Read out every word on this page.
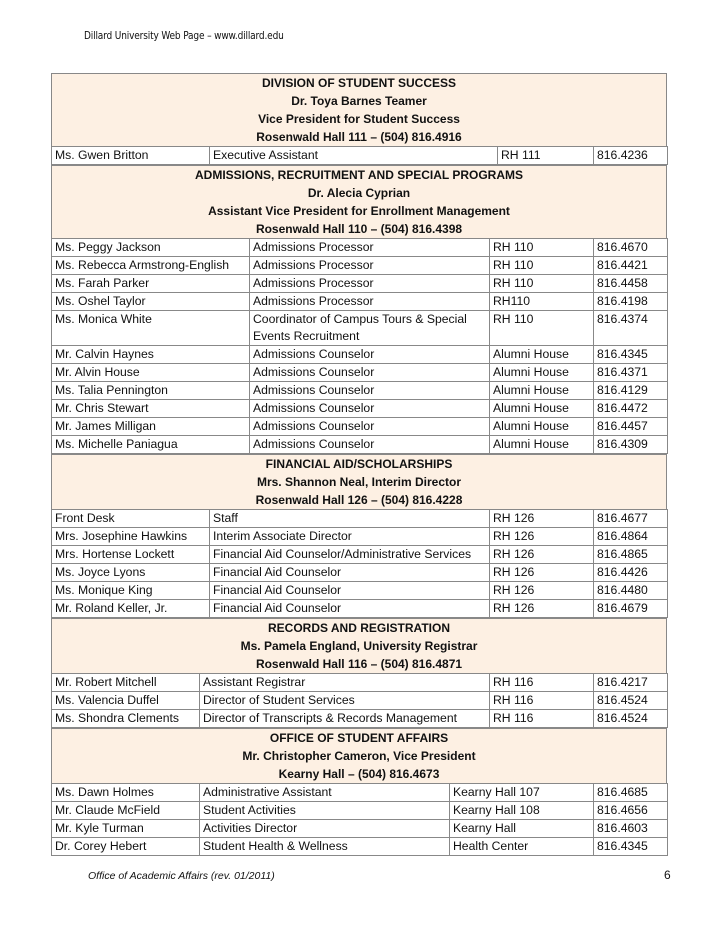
Dillard University Web Page – www.dillard.edu
DIVISION OF STUDENT SUCCESS
Dr. Toya Barnes Teamer
Vice President for Student Success
Rosenwald Hall 111 – (504) 816.4916
Ms. Gwen Britton	Executive Assistant	RH 111	816.4236
ADMISSIONS, RECRUITMENT AND SPECIAL PROGRAMS
Dr. Alecia Cyprian
Assistant Vice President for Enrollment Management
Rosenwald Hall 110 – (504) 816.4398
Ms. Peggy Jackson	Admissions Processor	RH 110	816.4670
Ms. Rebecca Armstrong-English	Admissions Processor	RH 110	816.4421
Ms. Farah Parker	Admissions Processor	RH 110	816.4458
Ms. Oshel Taylor	Admissions Processor	RH110	816.4198
Ms. Monica White	Coordinator of Campus Tours & Special Events Recruitment	RH 110	816.4374
Mr. Calvin Haynes	Admissions Counselor	Alumni House	816.4345
Mr. Alvin House	Admissions Counselor	Alumni House	816.4371
Ms. Talia Pennington	Admissions Counselor	Alumni House	816.4129
Mr. Chris Stewart	Admissions Counselor	Alumni House	816.4472
Mr. James Milligan	Admissions Counselor	Alumni House	816.4457
Ms. Michelle Paniagua	Admissions Counselor	Alumni House	816.4309
FINANCIAL AID/SCHOLARSHIPS
Mrs. Shannon Neal, Interim Director
Rosenwald Hall 126 – (504) 816.4228
Front Desk	Staff	RH 126	816.4677
Mrs. Josephine Hawkins	Interim Associate Director	RH 126	816.4864
Mrs. Hortense Lockett	Financial Aid Counselor/Administrative Services	RH 126	816.4865
Ms. Joyce Lyons	Financial Aid Counselor	RH 126	816.4426
Ms. Monique King	Financial Aid Counselor	RH 126	816.4480
Mr. Roland Keller, Jr.	Financial Aid Counselor	RH 126	816.4679
RECORDS AND REGISTRATION
Ms. Pamela England, University Registrar
Rosenwald Hall 116 – (504) 816.4871
Mr. Robert Mitchell	Assistant Registrar	RH 116	816.4217
Ms. Valencia Duffel	Director of Student Services	RH 116	816.4524
Ms. Shondra Clements	Director of Transcripts & Records Management	RH 116	816.4524
OFFICE OF STUDENT AFFAIRS
Mr. Christopher Cameron, Vice President
Kearny Hall – (504) 816.4673
Ms. Dawn Holmes	Administrative Assistant	Kearny Hall 107	816.4685
Mr. Claude McField	Student Activities	Kearny Hall 108	816.4656
Mr. Kyle Turman	Activities Director	Kearny Hall	816.4603
Dr. Corey Hebert	Student Health & Wellness	Health Center	816.4345
Office of Academic Affairs (rev. 01/2011)	6
